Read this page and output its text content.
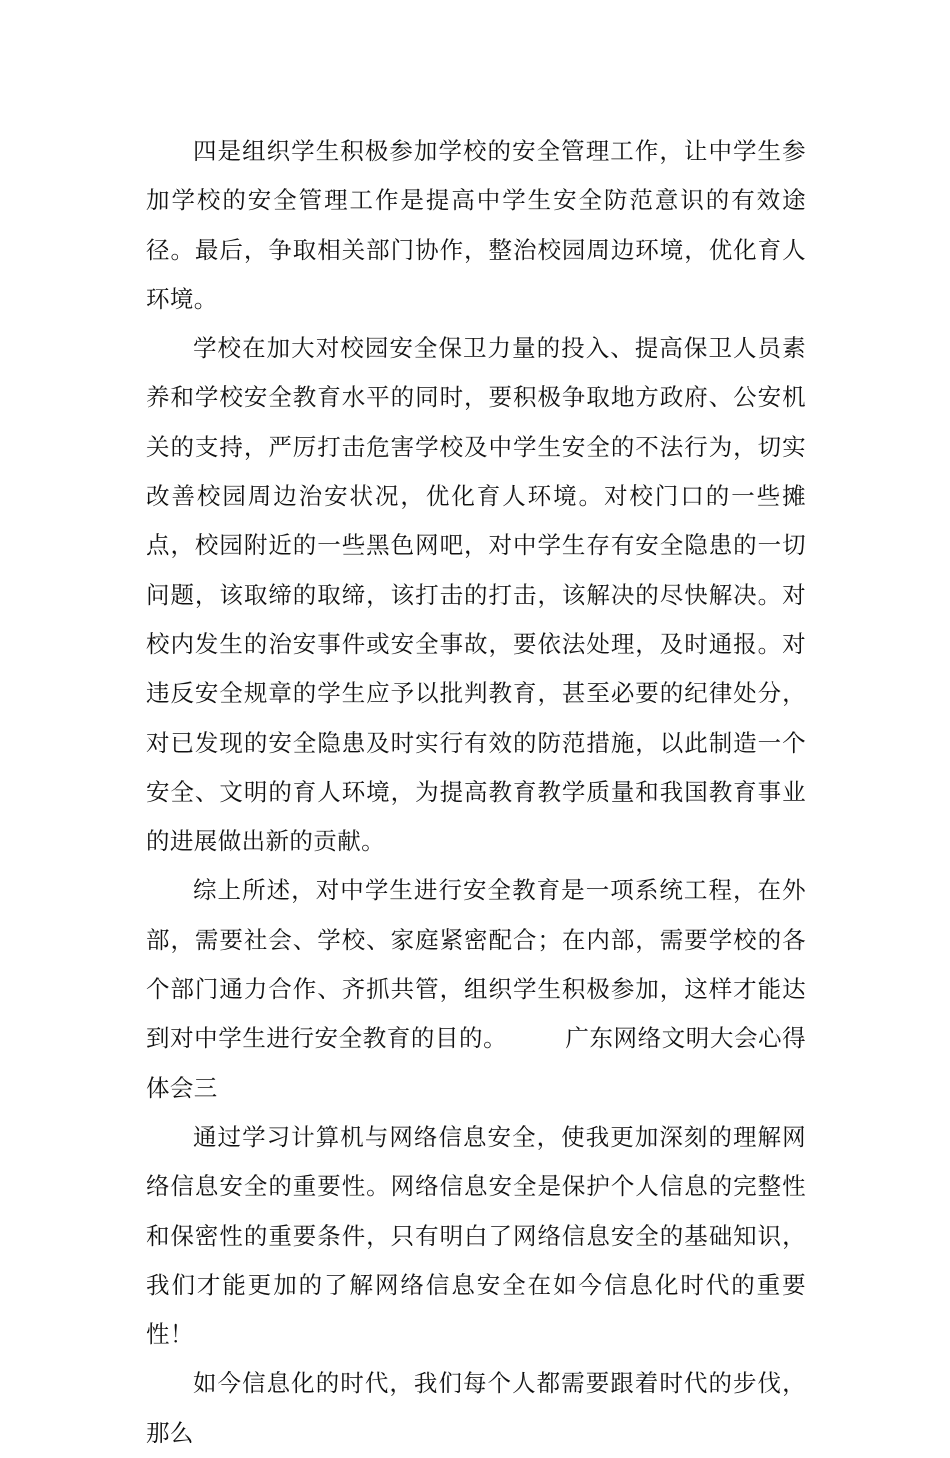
四是组织学生积极参加学校的安全管理工作，让中学生参加学校的安全管理工作是提高中学生安全防范意识的有效途径。最后，争取相关部门协作，整治校园周边环境，优化育人环境。

学校在加大对校园安全保卫力量的投入、提高保卫人员素养和学校安全教育水平的同时，要积极争取地方政府、公安机关的支持，严厉打击危害学校及中学生安全的不法行为，切实改善校园周边治安状况，优化育人环境。对校门口的一些摊点，校园附近的一些黑色网吧，对中学生存有安全隐患的一切问题，该取缔的取缔，该打击的打击，该解决的尽快解决。对校内发生的治安事件或安全事故，要依法处理，及时通报。对违反安全规章的学生应予以批判教育，甚至必要的纪律处分，对已发现的安全隐患及时实行有效的防范措施，以此制造一个安全、文明的育人环境，为提高教育教学质量和我国教育事业的进展做出新的贡献。

综上所述，对中学生进行安全教育是一项系统工程，在外部，需要社会、学校、家庭紧密配合；在内部，需要学校的各个部门通力合作、齐抓共管，组织学生积极参加，这样才能达到对中学生进行安全教育的目的。 广东网络文明大会心得体会三

通过学习计算机与网络信息安全，使我更加深刻的理解网络信息安全的重要性。网络信息安全是保护个人信息的完整性和保密性的重要条件，只有明白了网络信息安全的基础知识，我们才能更加的了解网络信息安全在如今信息化时代的重要性！

如今信息化的时代，我们每个人都需要跟着时代的步伐，那么
